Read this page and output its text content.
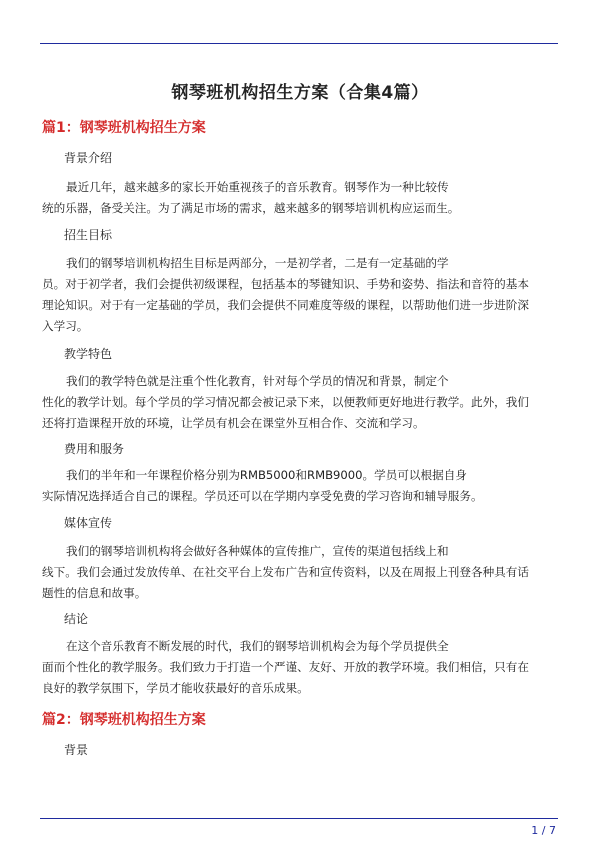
钢琴班机构招生方案（合集4篇）
篇1：钢琴班机构招生方案
背景介绍
最近几年，越来越多的家长开始重视孩子的音乐教育。钢琴作为一种比较传
统的乐器，备受关注。为了满足市场的需求，越来越多的钢琴培训机构应运而生。
招生目标
我们的钢琴培训机构招生目标是两部分，一是初学者，二是有一定基础的学
员。对于初学者，我们会提供初级课程，包括基本的琴键知识、手势和姿势、指法和音符的基本
理论知识。对于有一定基础的学员，我们会提供不同难度等级的课程，以帮助他们进一步进阶深
入学习。
教学特色
我们的教学特色就是注重个性化教育，针对每个学员的情况和背景，制定个
性化的教学计划。每个学员的学习情况都会被记录下来，以便教师更好地进行教学。此外，我们
还将打造课程开放的环境，让学员有机会在课堂外互相合作、交流和学习。
费用和服务
我们的半年和一年课程价格分别为RMB5000和RMB9000。学员可以根据自身
实际情况选择适合自己的课程。学员还可以在学期内享受免费的学习咨询和辅导服务。
媒体宣传
我们的钢琴培训机构将会做好各种媒体的宣传推广，宣传的渠道包括线上和
线下。我们会通过发放传单、在社交平台上发布广告和宣传资料，以及在周报上刊登各种具有话
题性的信息和故事。
结论
在这个音乐教育不断发展的时代，我们的钢琴培训机构会为每个学员提供全
面而个性化的教学服务。我们致力于打造一个严谨、友好、开放的教学环境。我们相信，只有在
良好的教学氛围下，学员才能收获最好的音乐成果。
篇2：钢琴班机构招生方案
背景
1 / 7
